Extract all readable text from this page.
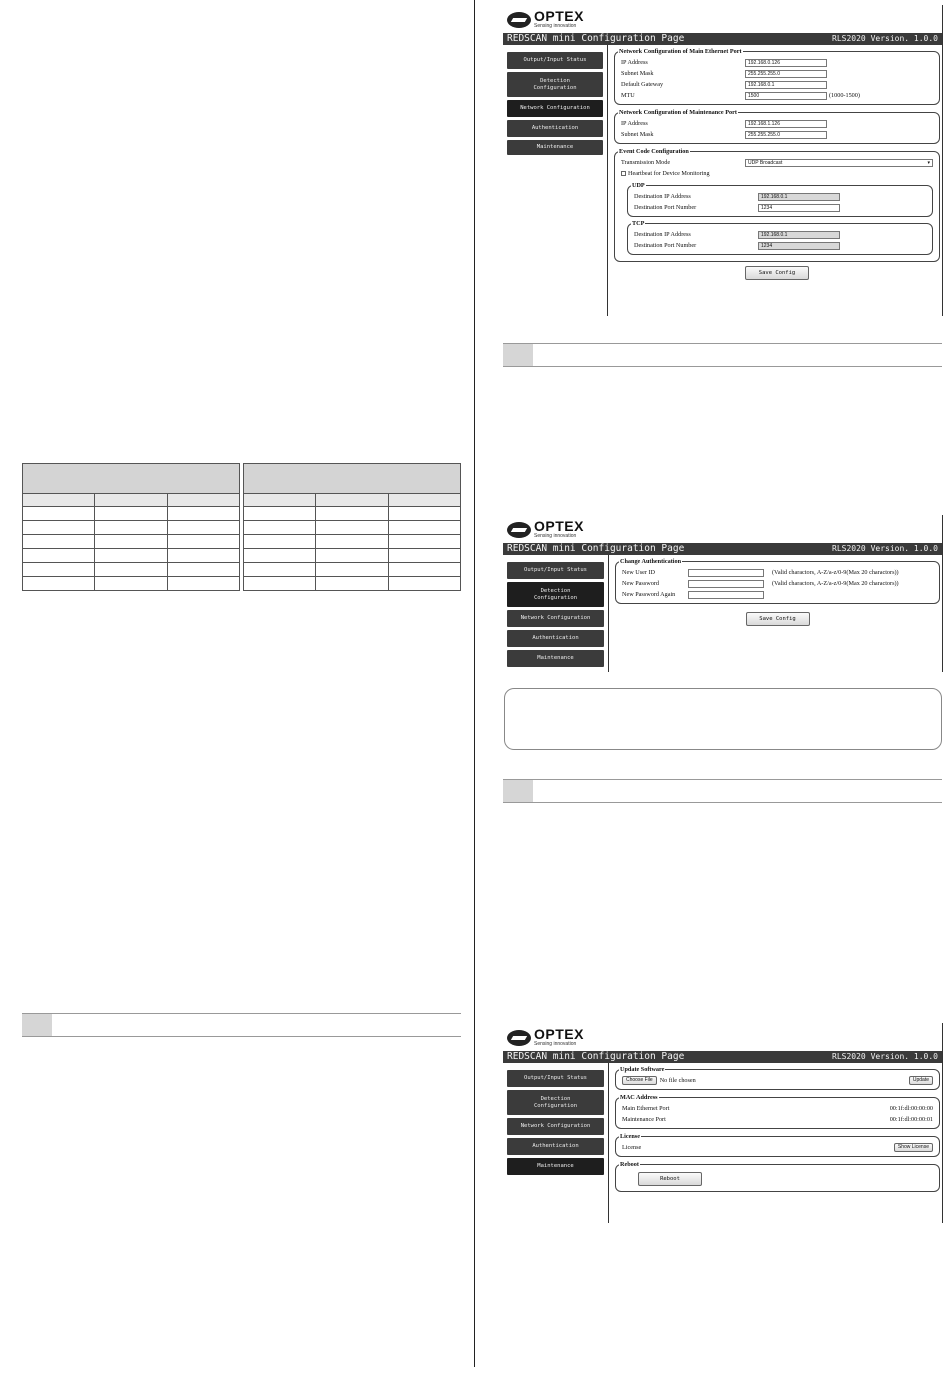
OPTEX
Sensing innovation
REDSCAN mini Configuration Page	RLS2020 Version. 1.0.0
Output/Input Status
Detection
Configuration
Network Configuration
Authentication
Maintenance
Network Configuration of Main Ethernet Port
IP Address	192.168.0.126
Subnet Mask	255.255.255.0
Default Gateway	192.168.0.1
MTU	1500	(1000-1500)
Network Configuration of Maintenance Port
IP Address	192.168.1.126
Subnet Mask	255.255.255.0
Event Code Configuration
Transmission Mode	UDP Broadcast	▾
Heartbeat for Device Monitoring
UDP
Destination IP Address	192.168.0.1
Destination Port Number	1234
TCP
Destination IP Address	192.168.0.1
Destination Port Number	1234
Save Config
OPTEX
Sensing innovation
REDSCAN mini Configuration Page	RLS2020 Version. 1.0.0
Output/Input Status
Detection
Configuration
Network Configuration
Authentication
Maintenance
Change Authentication
New User ID	(Valid charactors, A-Z/a-z/0-9(Max 20 charactors))
New Password	(Valid charactors, A-Z/a-z/0-9(Max 20 charactors))
New Password Again
Save Config
OPTEX
Sensing innovation
REDSCAN mini Configuration Page	RLS2020 Version. 1.0.0
Output/Input Status
Detection
Configuration
Network Configuration
Authentication
Maintenance
Update Software
Choose File	No file chosen	Update
MAC Address
Main Ethernet Port	00:1f:dl:00:00:00
Maintenance Port	00:1f:dl:00:00:01
License
License	Show License
Reboot
Reboot
